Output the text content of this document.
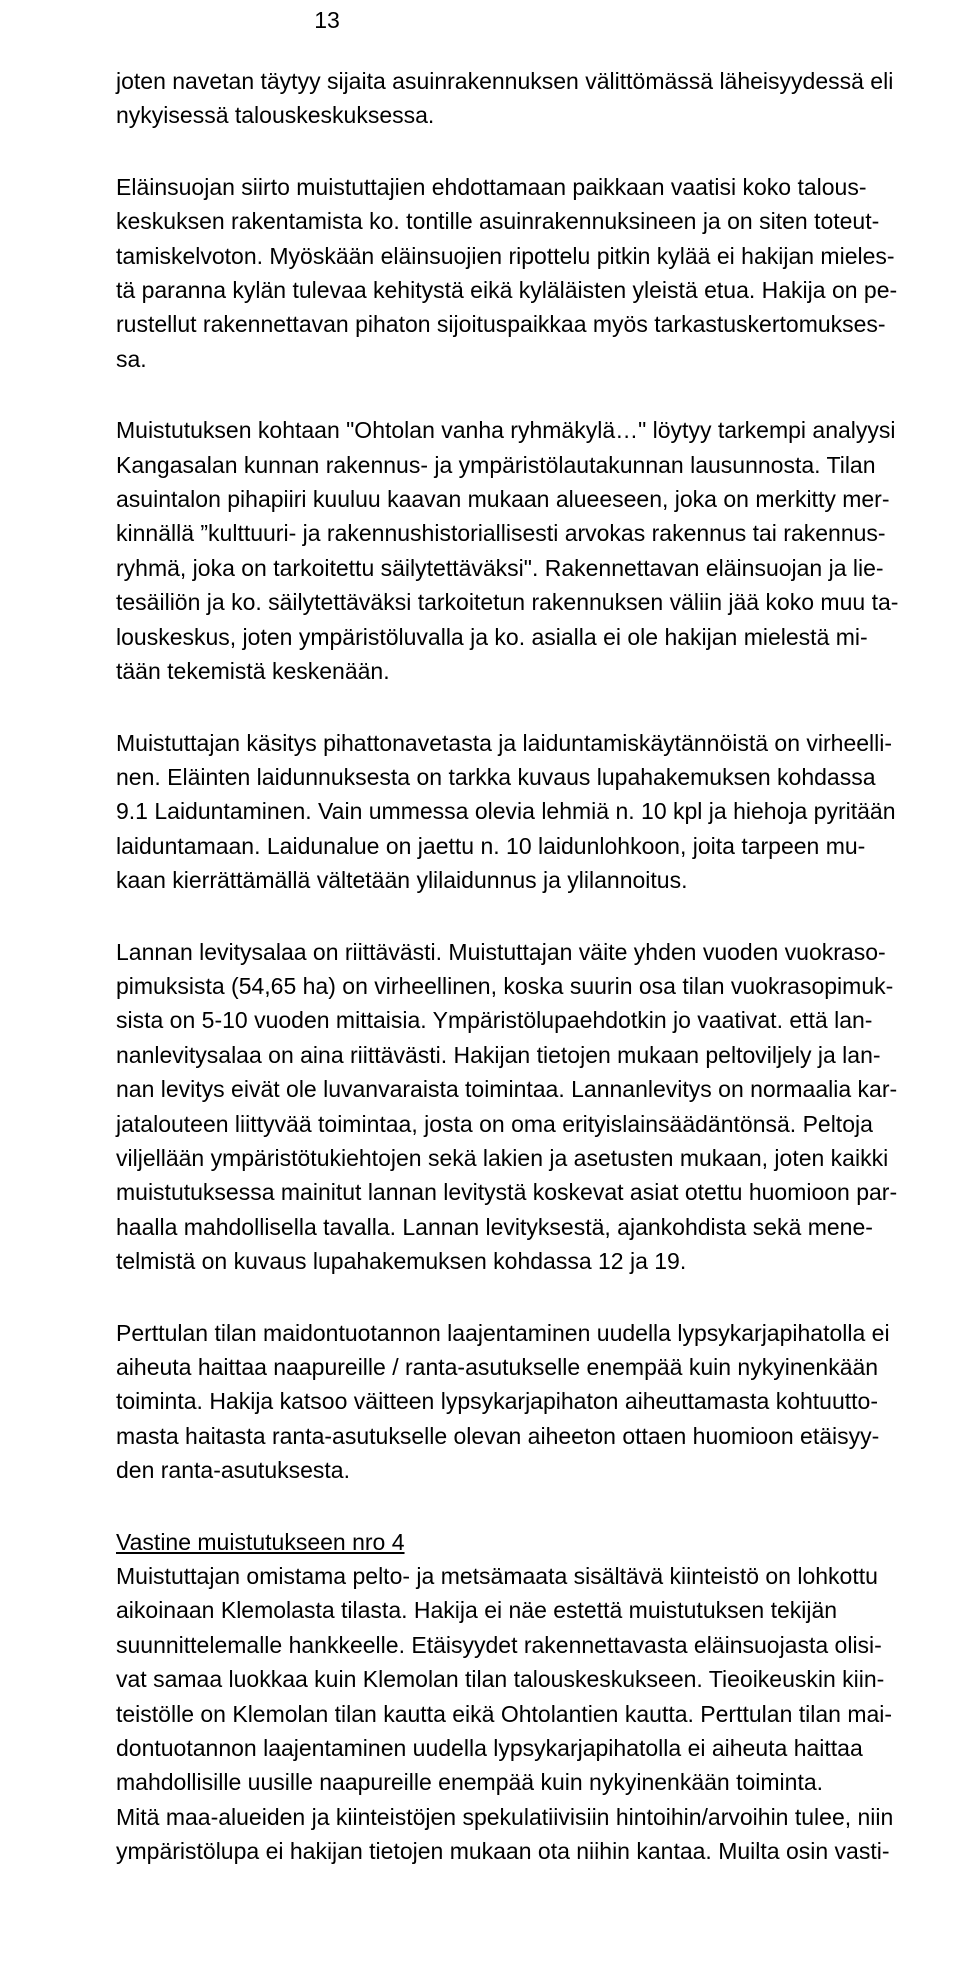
13

joten navetan täytyy sijaita asuinrakennuksen välittömässä läheisyydessä eli
nykyisessä talouskeskuksessa.

Eläinsuojan siirto muistuttajien ehdottamaan paikkaan vaatisi koko talous-
keskuksen rakentamista ko. tontille asuinrakennuksineen ja on siten toteut-
tamiskelvoton. Myöskään eläinsuojien ripottelu pitkin kylää ei hakijan mieles-
tä paranna kylän tulevaa kehitystä eikä kyläläisten yleistä etua. Hakija on pe-
rustellut rakennettavan pihaton sijoituspaikkaa myös tarkastuskertomukses-
sa.

Muistutuksen kohtaan "Ohtolan vanha ryhmäkylä…" löytyy tarkempi analyysi
Kangasalan kunnan rakennus- ja ympäristölautakunnan lausunnosta. Tilan
asuintalon pihapiiri kuuluu kaavan mukaan alueeseen, joka on merkitty mer-
kinnällä ”kulttuuri- ja rakennushistoriallisesti arvokas rakennus tai rakennus-
ryhmä, joka on tarkoitettu säilytettäväksi". Rakennettavan eläinsuojan ja lie-
tesäiliön ja ko. säilytettäväksi tarkoitetun rakennuksen väliin jää koko muu ta-
louskeskus, joten ympäristöluvalla ja ko. asialla ei ole hakijan mielestä mi-
tään tekemistä keskenään.

Muistuttajan käsitys pihattonavetasta ja laiduntamiskäytännöistä on virheelli-
nen. Eläinten laidunnuksesta on tarkka kuvaus lupahakemuksen kohdassa
9.1 Laiduntaminen. Vain ummessa olevia lehmiä n. 10 kpl ja hiehoja pyritään
laiduntamaan. Laidunalue on jaettu n. 10 laidunlohkoon, joita tarpeen mu-
kaan kierrättämällä vältetään ylilaidunnus ja ylilannoitus.

Lannan levitysalaa on riittävästi. Muistuttajan väite yhden vuoden vuokraso-
pimuksista (54,65 ha) on virheellinen, koska suurin osa tilan vuokrasopimuk-
sista on 5-10 vuoden mittaisia. Ympäristölupaehdotkin jo vaativat. että lan-
nanlevitysalaa on aina riittävästi. Hakijan tietojen mukaan peltoviljely ja lan-
nan levitys eivät ole luvanvaraista toimintaa. Lannanlevitys on normaalia kar-
jatalouteen liittyvää toimintaa, josta on oma erityislainsäädäntönsä. Peltoja
viljellään ympäristötukiehtojen sekä lakien ja asetusten mukaan, joten kaikki
muistutuksessa mainitut lannan levitystä koskevat asiat otettu huomioon par-
haalla mahdollisella tavalla. Lannan levityksestä, ajankohdista sekä mene-
telmistä on kuvaus lupahakemuksen kohdassa 12 ja 19.

Perttulan tilan maidontuotannon laajentaminen uudella lypsykarjapihatolla ei
aiheuta haittaa naapureille / ranta-asutukselle enempää kuin nykyinenkään
toiminta. Hakija katsoo väitteen lypsykarjapihaton aiheuttamasta kohtuutto-
masta haitasta ranta-asutukselle olevan aiheeton ottaen huomioon etäisyy-
den ranta-asutuksesta.

Vastine muistutukseen nro 4
Muistuttajan omistama pelto- ja metsämaata sisältävä kiinteistö on lohkottu
aikoinaan Klemolasta tilasta. Hakija ei näe estettä muistutuksen tekijän
suunnittelemalle hankkeelle. Etäisyydet rakennettavasta eläinsuojasta olisi-
vat samaa luokkaa kuin Klemolan tilan talouskeskukseen. Tieoikeuskin kiin-
teistölle on Klemolan tilan kautta eikä Ohtolantien kautta. Perttulan tilan mai-
dontuotannon laajentaminen uudella lypsykarjapihatolla ei aiheuta haittaa
mahdollisille uusille naapureille enempää kuin nykyinenkään toiminta.
Mitä maa-alueiden ja kiinteistöjen spekulatiivisiin hintoihin/arvoihin tulee, niin
ympäristölupa ei hakijan tietojen mukaan ota niihin kantaa. Muilta osin vasti-
